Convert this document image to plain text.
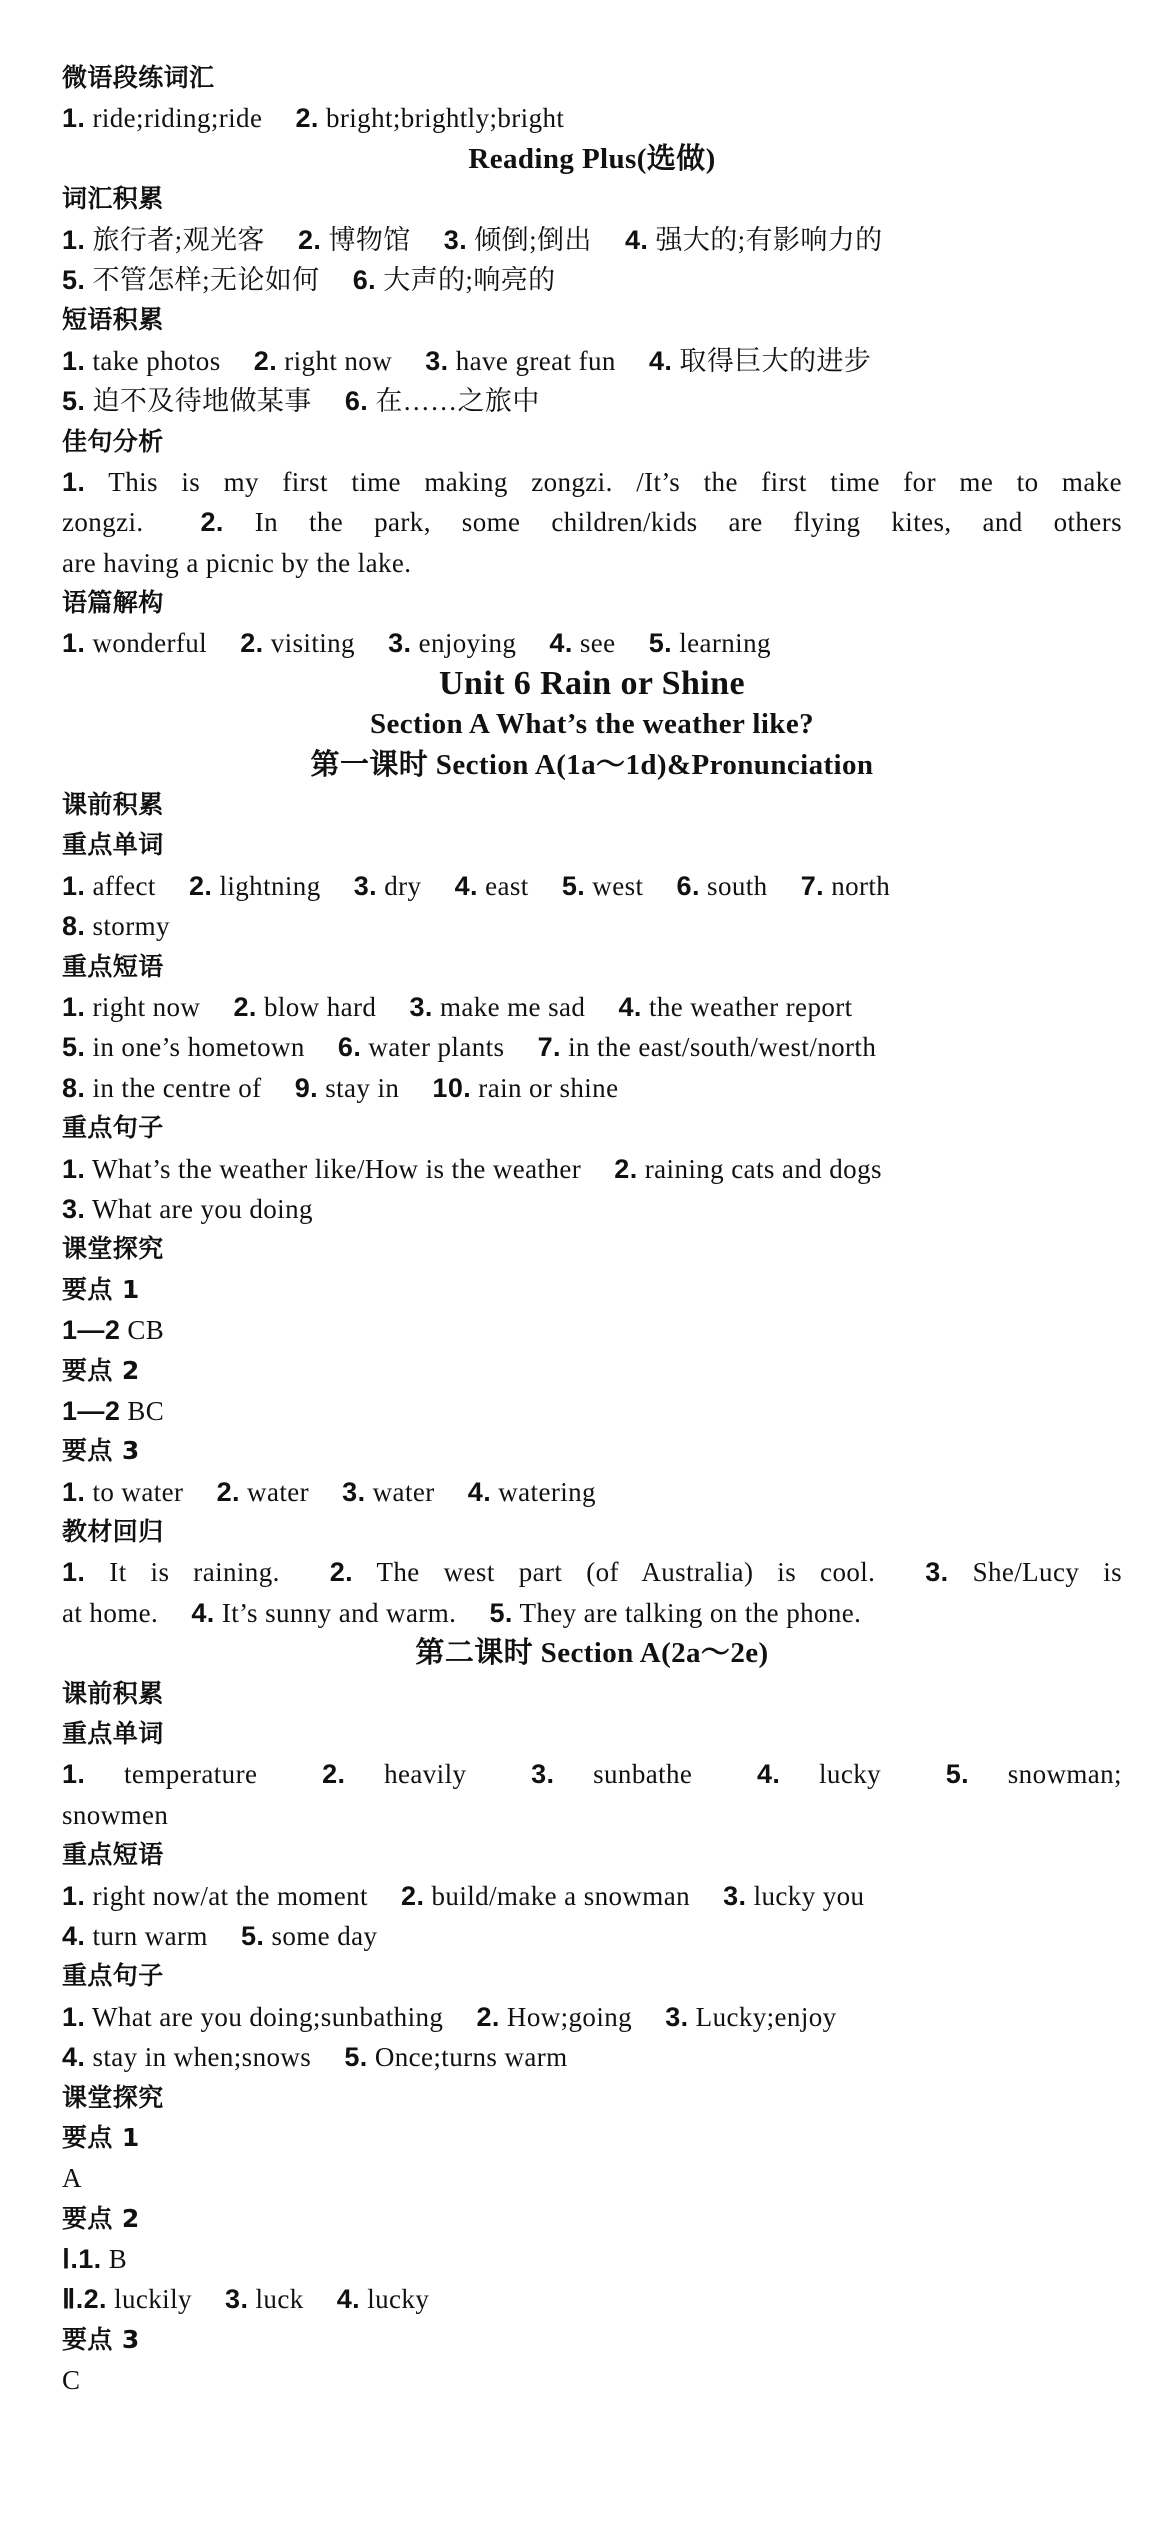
微语段练词汇
1. ride;riding;ride 2. bright;brightly;bright
Reading Plus(选做)
词汇积累
1. 旅行者;观光客 2. 博物馆 3. 倾倒;倒出 4. 强大的;有影响力的
5. 不管怎样;无论如何 6. 大声的;响亮的
短语积累
1. take photos 2. right now 3. have great fun 4. 取得巨大的进步
5. 迫不及待地做某事 6. 在……之旅中
佳句分析
1. This is my first time making zongzi. /It’s the first time for me to make
zongzi. 2. In the park, some children/kids are flying kites, and others
are having a picnic by the lake.
语篇解构
1. wonderful 2. visiting 3. enjoying 4. see 5. learning
Unit 6 Rain or Shine
Section A What’s the weather like?
第一课时 Section A(1a～1d)&Pronunciation
课前积累
重点单词
1. affect 2. lightning 3. dry 4. east 5. west 6. south 7. north
8. stormy
重点短语
1. right now 2. blow hard 3. make me sad 4. the weather report
5. in one’s hometown 6. water plants 7. in the east/south/west/north
8. in the centre of 9. stay in 10. rain or shine
重点句子
1. What’s the weather like/How is the weather 2. raining cats and dogs
3. What are you doing
课堂探究
要点 1
1—2 CB
要点 2
1—2 BC
要点 3
1. to water 2. water 3. water 4. watering
教材回归
1. It is raining. 2. The west part (of Australia) is cool. 3. She/Lucy is
at home. 4. It’s sunny and warm. 5. They are talking on the phone.
第二课时 Section A(2a～2e)
课前积累
重点单词
1. temperature 2. heavily 3. sunbathe 4. lucky 5. snowman;
snowmen
重点短语
1. right now/at the moment 2. build/make a snowman 3. lucky you
4. turn warm 5. some day
重点句子
1. What are you doing;sunbathing 2. How;going 3. Lucky;enjoy
4. stay in when;snows 5. Once;turns warm
课堂探究
要点 1
A
要点 2
Ⅰ.1. B
Ⅱ.2. luckily 3. luck 4. lucky
要点 3
C
